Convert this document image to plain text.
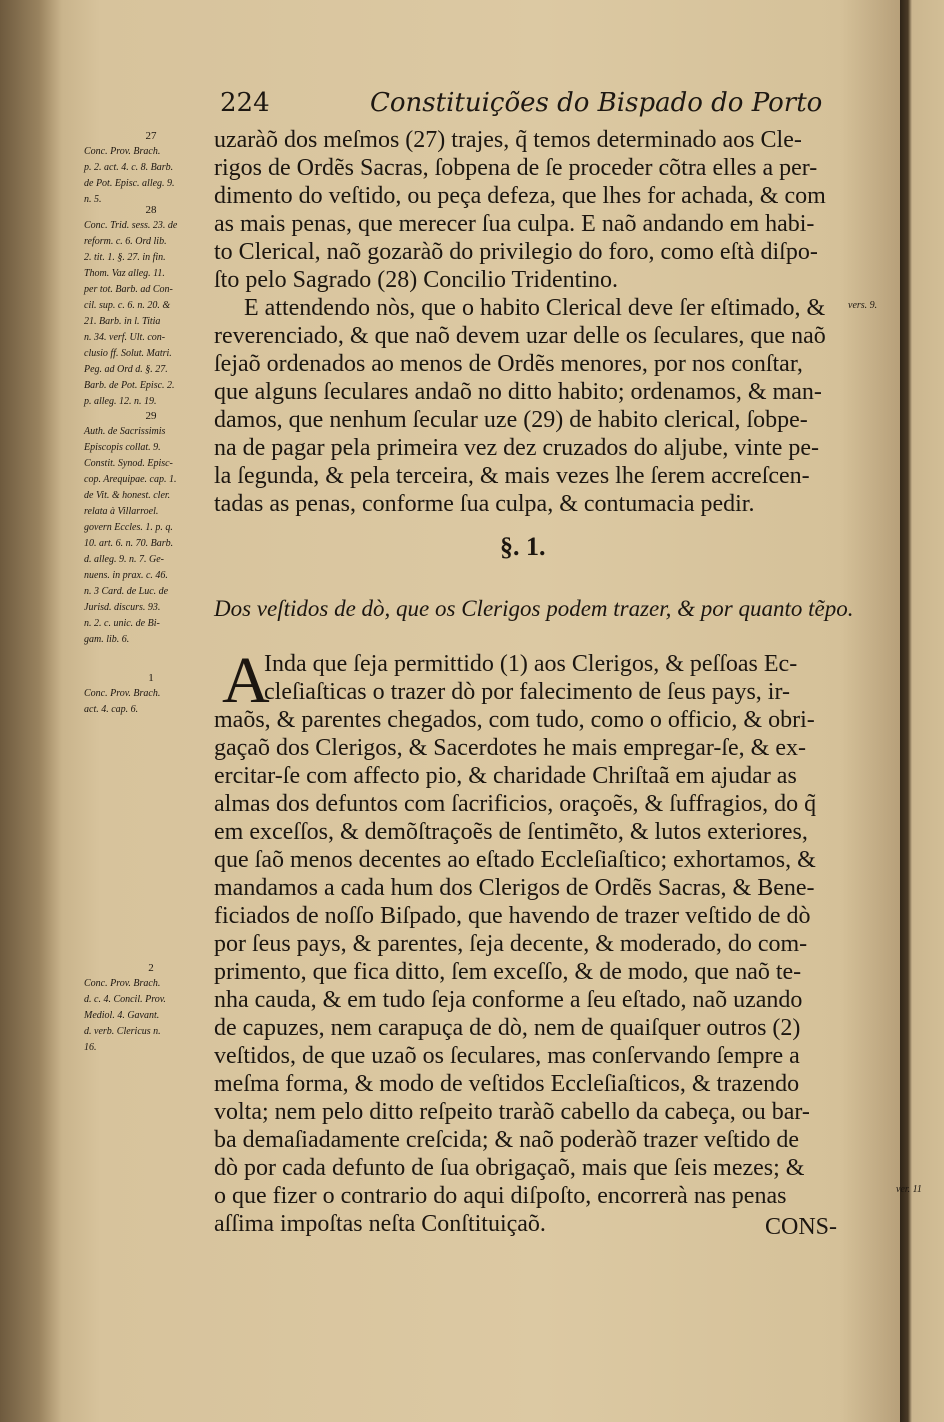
224	Constituições do Bispado do Porto
27
Conc. Prov. Brach.
p. 2. act. 4. c. 8. Barb.
de Pot. Episc. alleg. 9.
n. 5.
28
Conc. Trid. sess. 23. de
reform. c. 6. Ord lib.
2. tit. 1. §. 27. in fin.
Thom. Vaz alleg. 11.
per tot. Barb. ad Con-
cil. sup. c. 6. n. 20. &
21. Barb. in l. Titia
n. 34. verf. Ult. con-
clusio ff. Solut. Matri.
Peg. ad Ord d. §. 27.
Barb. de Pot. Episc. 2.
p. alleg. 12. n. 19.
29
Auth. de Sacrissimis
Episcopis collat. 9.
Constit. Synod. Episc-
cop. Arequipae. cap. 1.
de Vit. & honest. cler.
relata à Villarroel.
govern Eccles. 1. p. q.
10. art. 6. n. 70. Barb.
d. alleg. 9. n. 7. Ge-
nuens. in prax. c. 46.
n. 3 Card. de Luc. de
Jurisd. discurs. 93.
n. 2. c. unic. de Bi-
gam. lib. 6.
1
Conc. Prov. Brach.
act. 4. cap. 6.
2
Conc. Prov. Brach.
d. c. 4. Concil. Prov.
Mediol. 4. Gavant.
d. verb. Clericus n.
16.
vers. 9.
ver. 11
uzaràõ dos meſmos (27) trajes, q̃ temos determinado aos Cle-
rigos de Ordẽs Sacras, ſobpena de ſe proceder cõtra elles a per-
dimento do veſtido, ou peça defeza, que lhes for achada, & com
as mais penas, que merecer ſua culpa. E naõ andando em habi-
to Clerical, naõ gozaràõ do privilegio do foro, como eſtà diſpo-
ſto pelo Sagrado (28) Concilio Tridentino.
E attendendo nòs, que o habito Clerical deve ſer eſtimado, &
reverenciado, & que naõ devem uzar delle os ſeculares, que naõ
ſejaõ ordenados ao menos de Ordẽs menores, por nos conſtar,
que alguns ſeculares andaõ no ditto habito; ordenamos, & man-
damos, que nenhum ſecular uze (29) de habito clerical, ſobpe-
na de pagar pela primeira vez dez cruzados do aljube, vinte pe-
la ſegunda, & pela terceira, & mais vezes lhe ſerem accreſcen-
tadas as penas, conforme ſua culpa, & contumacia pedir.
§. 1.
Dos veſtidos de dò, que os Clerigos podem trazer, & por quanto tẽpo.
A
Inda que ſeja permittido (1) aos Clerigos, & peſſoas Ec-
cleſiaſticas o trazer dò por falecimento de ſeus pays, ir-
maõs, & parentes chegados, com tudo, como o officio, & obri-
gaçaõ dos Clerigos, & Sacerdotes he mais empregar-ſe, & ex-
ercitar-ſe com affecto pio, & charidade Chriſtaã em ajudar as
almas dos defuntos com ſacrificios, oraçoẽs, & ſuffragios, do q̃
em exceſſos, & demõſtraçoẽs de ſentimẽto, & lutos exteriores,
que ſaõ menos decentes ao eſtado Eccleſiaſtico; exhortamos, &
mandamos a cada hum dos Clerigos de Ordẽs Sacras, & Bene-
ficiados de noſſo Biſpado, que havendo de trazer veſtido de dò
por ſeus pays, & parentes, ſeja decente, & moderado, do com-
primento, que fica ditto, ſem exceſſo, & de modo, que naõ te-
nha cauda, & em tudo ſeja conforme a ſeu eſtado, naõ uzando
de capuzes, nem carapuça de dò, nem de quaiſquer outros (2)
veſtidos, de que uzaõ os ſeculares, mas conſervando ſempre a
meſma forma, & modo de veſtidos Eccleſiaſticos, & trazendo
volta; nem pelo ditto reſpeito traràõ cabello da cabeça, ou bar-
ba demaſiadamente creſcida; & naõ poderàõ trazer veſtido de
dò por cada defunto de ſua obrigaçaõ, mais que ſeis mezes; &
o que fizer o contrario do aqui diſpoſto, encorrerà nas penas
aſſima impoſtas neſta Conſtituiçaõ.	CONS-
